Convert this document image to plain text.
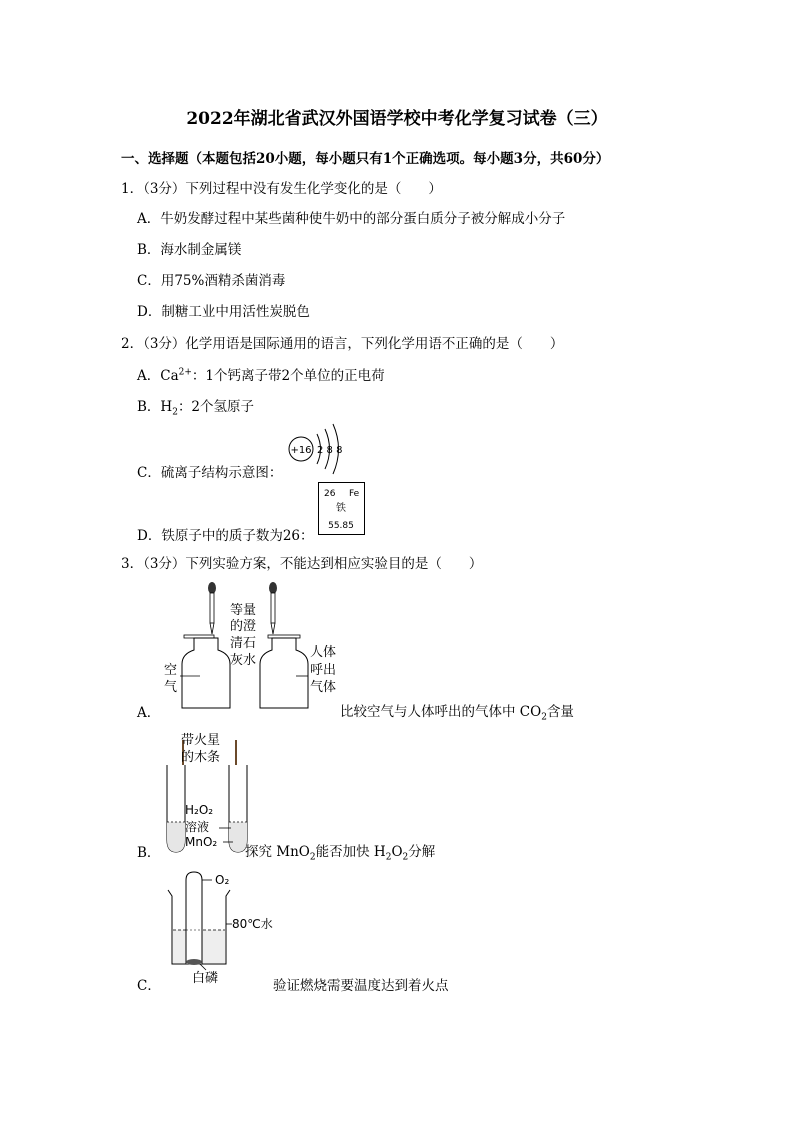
2022年湖北省武汉外国语学校中考化学复习试卷（三）
一、选择题（本题包括20小题，每小题只有1个正确选项。每小题3分，共60分）
1．（3分）下列过程中没有发生化学变化的是（　　）
A．牛奶发酵过程中某些菌种使牛奶中的部分蛋白质分子被分解成小分子
B．海水制金属镁
C．用75%酒精杀菌消毒
D．制糖工业中用活性炭脱色
2．（3分）化学用语是国际通用的语言，下列化学用语不正确的是（　　）
A．$Ca^{2+}$：1个钙离子带2个单位的正电荷
B．$H_2$：2个氢原子
C．硫离子结构示意图：
+16 2 8 8
D．铁原子中的质子数为26：
26 Fe
铁
55.85
3．（3分）下列实验方案，不能达到相应实验目的是（　　）
等量
的澄
清石
灰水
空
气
人体
呼出
气体
A．	比较空气与人体呼出的气体中 $CO_2$含量
带火星
的木条
H₂O₂
溶液
MnO₂
B．	探究 MnO$_2$能否加快 $H_2O_2$分解
O₂
80℃水
白磷
C．	验证燃烧需要温度达到着火点
